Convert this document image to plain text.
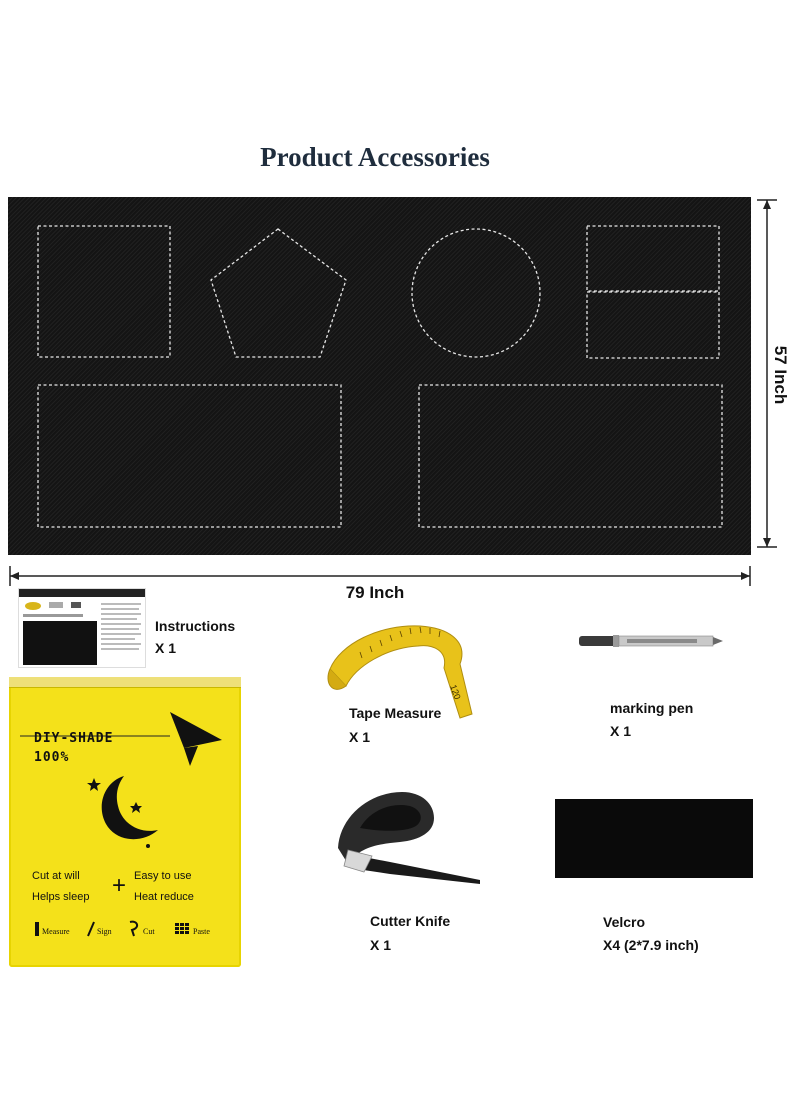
Product Accessories
57 Inch
79 Inch
Instructions
X 1
120
Tape Measure
X 1
marking pen
X 1
DIY-SHADE
100%
Cut at will	Easy to use
+
Helps sleep	Heat reduce
Measure	Sign	Cut	Paste
Cutter Knife
X 1
Velcro
X4 (2*7.9 inch)
